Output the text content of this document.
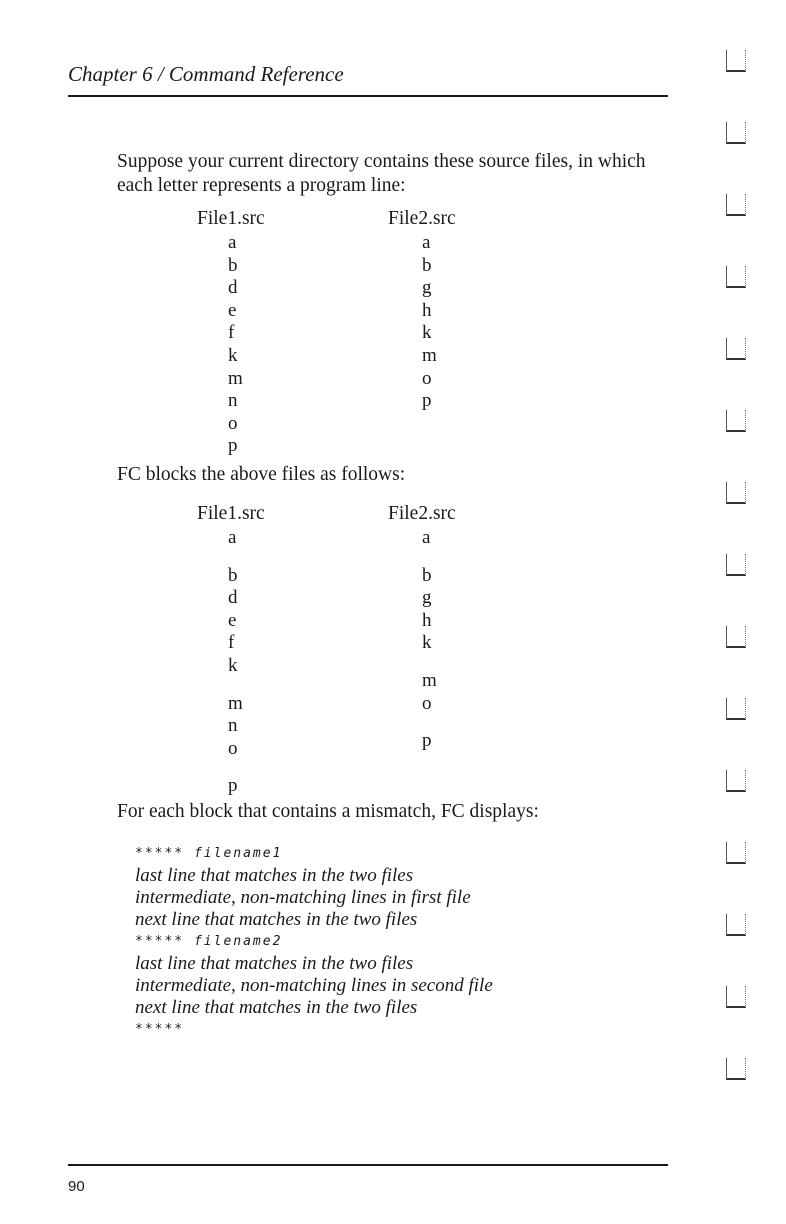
Chapter 6 / Command Reference
Suppose your current directory contains these source files, in which each letter represents a program line:
File1.src	File2.src
a
b
d
e
f
k
m
n
o
p
a
b
g
h
k
m
o
p
FC blocks the above files as follows:
File1.src	File2.src
a
b
d
e
f
k
m
n
o
p
a
b
g
h
k
m
o
p
For each block that contains a mismatch, FC displays:
***** filename1
last line that matches in the two files
intermediate, non-matching lines in first file
next line that matches in the two files
***** filename2
last line that matches in the two files
intermediate, non-matching lines in second file
next line that matches in the two files
*****
90
